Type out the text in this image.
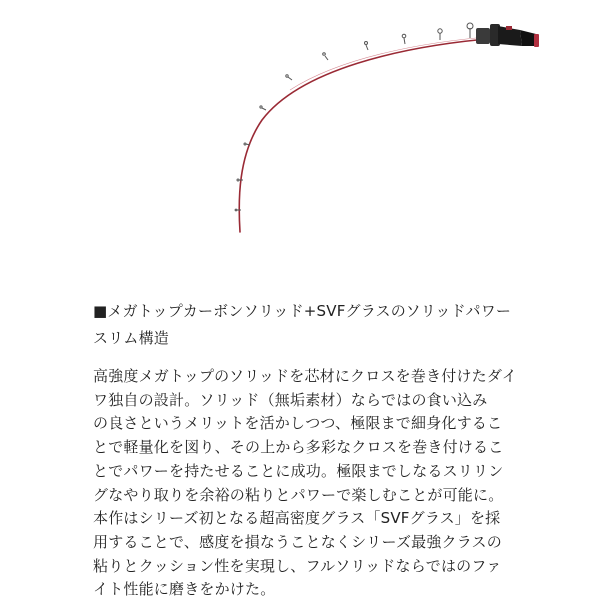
■メガトップカーボンソリッド+SVFグラスのソリッドパワー
スリム構造

高強度メガトップのソリッドを芯材にクロスを巻き付けたダイ
ワ独自の設計。ソリッド（無垢素材）ならではの食い込み
の良さというメリットを活かしつつ、極限まで細身化するこ
とで軽量化を図り、その上から多彩なクロスを巻き付けるこ
とでパワーを持たせることに成功。極限までしなるスリリン
グなやり取りを余裕の粘りとパワーで楽しむことが可能に。
本作はシリーズ初となる超高密度グラス「SVFグラス」を採
用することで、感度を損なうことなくシリーズ最強クラスの
粘りとクッション性を実現し、フルソリッドならではのファ
イト性能に磨きをかけた。
